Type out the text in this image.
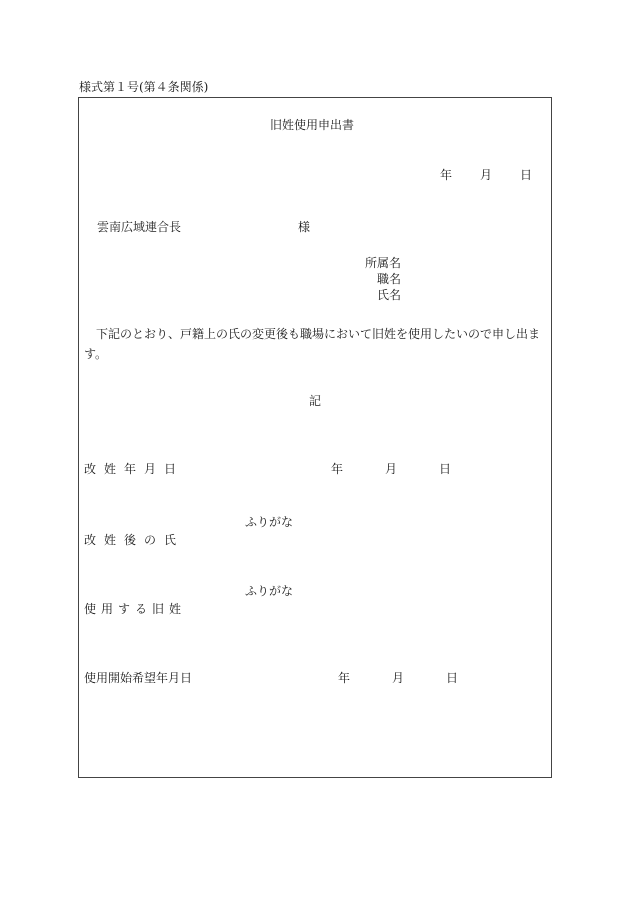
様式第１号(第４条関係)
旧姓使用申出書
年 月 日
雲南広域連合長	様
所属名
職名
氏名

下記のとおり、戸籍上の氏の変更後も職場において旧姓を使用したいので申し出ます。

記
改姓年月日	年	月	日
ふりがな
改姓後の氏
ふりがな
使用する旧姓
使用開始希望年月日	年	月	日
